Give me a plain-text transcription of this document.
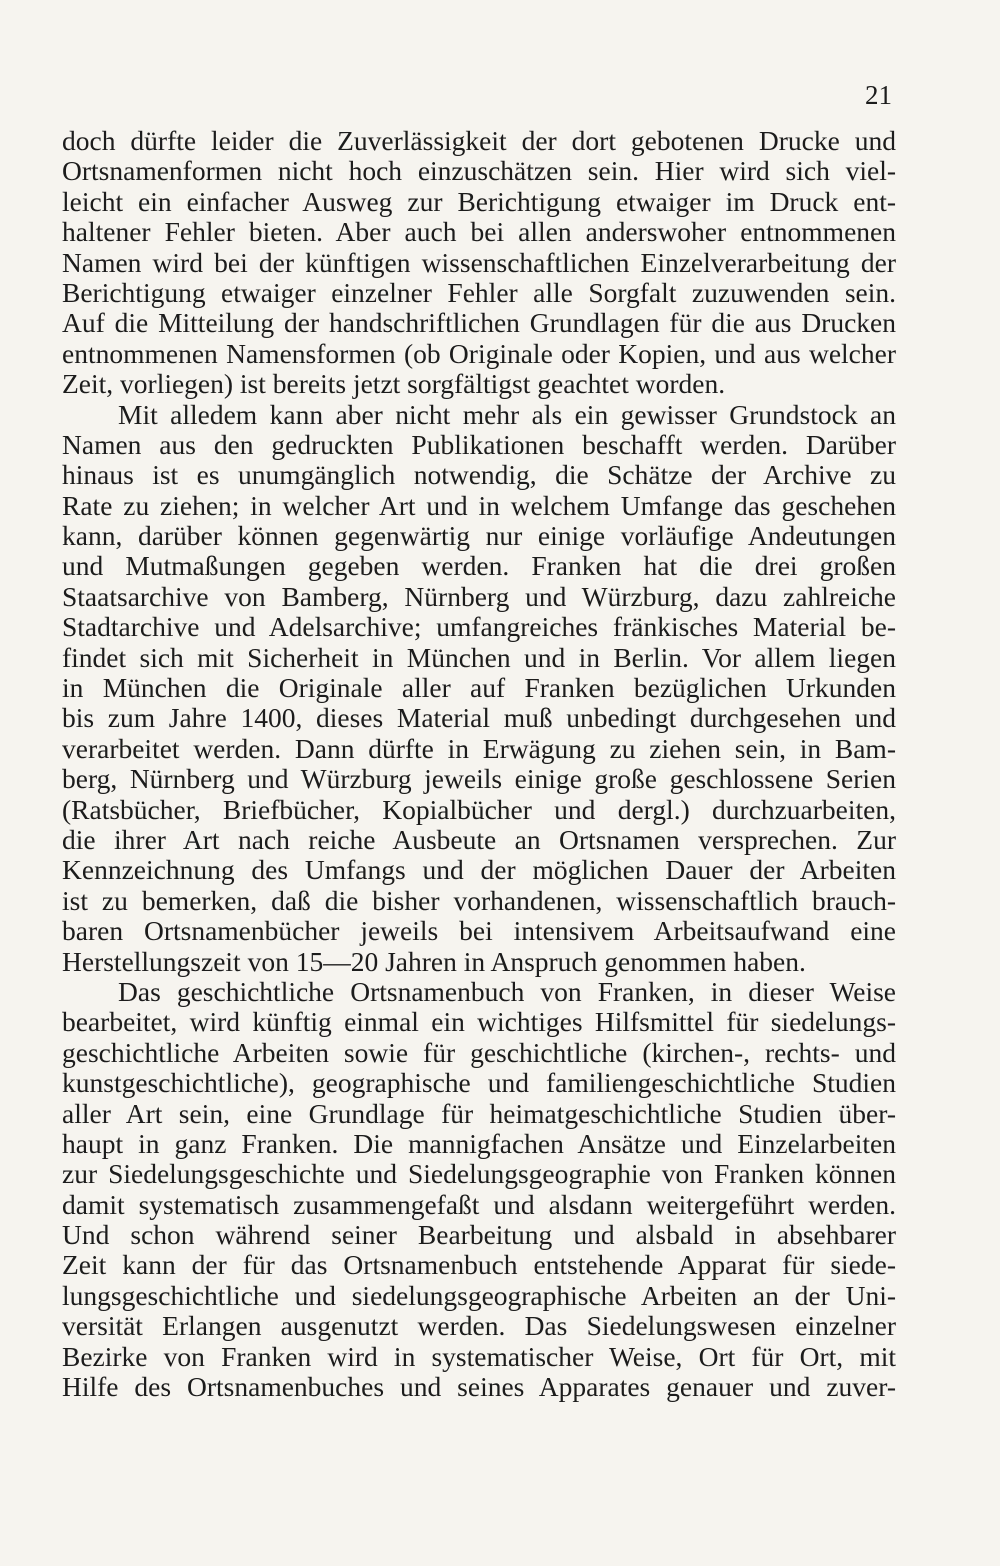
21
doch dürfte leider die Zuverlässigkeit der dort gebotenen Drucke und
Ortsnamenformen nicht hoch einzuschätzen sein. Hier wird sich viel-
leicht ein einfacher Ausweg zur Berichtigung etwaiger im Druck ent-
haltener Fehler bieten. Aber auch bei allen anderswoher entnommenen
Namen wird bei der künftigen wissenschaftlichen Einzelverarbeitung der
Berichtigung etwaiger einzelner Fehler alle Sorgfalt zuzuwenden sein.
Auf die Mitteilung der handschriftlichen Grundlagen für die aus Drucken
entnommenen Namensformen (ob Originale oder Kopien, und aus welcher
Zeit, vorliegen) ist bereits jetzt sorgfältigst geachtet worden.
Mit alledem kann aber nicht mehr als ein gewisser Grundstock an
Namen aus den gedruckten Publikationen beschafft werden. Darüber
hinaus ist es unumgänglich notwendig, die Schätze der Archive zu
Rate zu ziehen; in welcher Art und in welchem Umfange das geschehen
kann, darüber können gegenwärtig nur einige vorläufige Andeutungen
und Mutmaßungen gegeben werden. Franken hat die drei großen
Staatsarchive von Bamberg, Nürnberg und Würzburg, dazu zahlreiche
Stadtarchive und Adelsarchive; umfangreiches fränkisches Material be-
findet sich mit Sicherheit in München und in Berlin. Vor allem liegen
in München die Originale aller auf Franken bezüglichen Urkunden
bis zum Jahre 1400, dieses Material muß unbedingt durchgesehen und
verarbeitet werden. Dann dürfte in Erwägung zu ziehen sein, in Bam-
berg, Nürnberg und Würzburg jeweils einige große geschlossene Serien
(Ratsbücher, Briefbücher, Kopialbücher und dergl.) durchzuarbeiten,
die ihrer Art nach reiche Ausbeute an Ortsnamen versprechen. Zur
Kennzeichnung des Umfangs und der möglichen Dauer der Arbeiten
ist zu bemerken, daß die bisher vorhandenen, wissenschaftlich brauch-
baren Ortsnamenbücher jeweils bei intensivem Arbeitsaufwand eine
Herstellungszeit von 15—20 Jahren in Anspruch genommen haben.
Das geschichtliche Ortsnamenbuch von Franken, in dieser Weise
bearbeitet, wird künftig einmal ein wichtiges Hilfsmittel für siedelungs-
geschichtliche Arbeiten sowie für geschichtliche (kirchen-, rechts- und
kunstgeschichtliche), geographische und familiengeschichtliche Studien
aller Art sein, eine Grundlage für heimatgeschichtliche Studien über-
haupt in ganz Franken. Die mannigfachen Ansätze und Einzelarbeiten
zur Siedelungsgeschichte und Siedelungsgeographie von Franken können
damit systematisch zusammengefaßt und alsdann weitergeführt werden.
Und schon während seiner Bearbeitung und alsbald in absehbarer
Zeit kann der für das Ortsnamenbuch entstehende Apparat für siede-
lungsgeschichtliche und siedelungsgeographische Arbeiten an der Uni-
versität Erlangen ausgenutzt werden. Das Siedelungswesen einzelner
Bezirke von Franken wird in systematischer Weise, Ort für Ort, mit
Hilfe des Ortsnamenbuches und seines Apparates genauer und zuver-
